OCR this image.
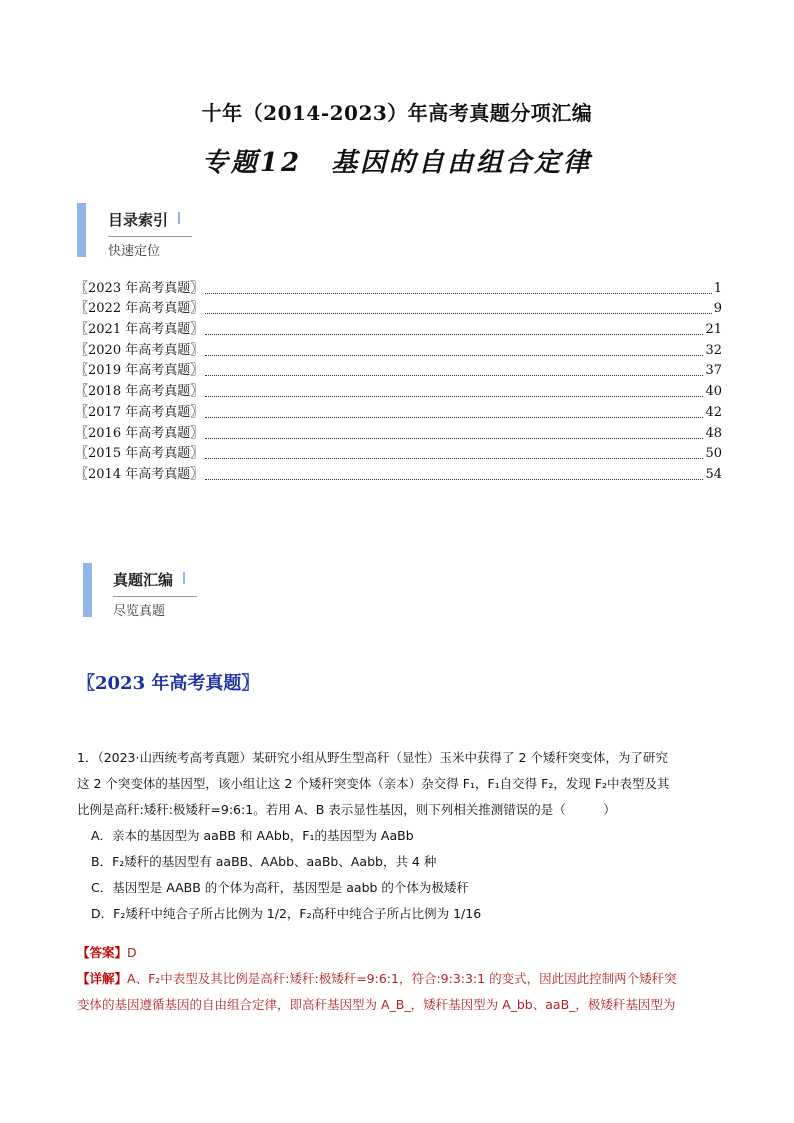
十年（2014-2023）年高考真题分项汇编
专题12　基因的自由组合定律
目录索引
快速定位
〖2023 年高考真题〗	1
〖2022 年高考真题〗	9
〖2021 年高考真题〗	21
〖2020 年高考真题〗	32
〖2019 年高考真题〗	37
〖2018 年高考真题〗	40
〖2017 年高考真题〗	42
〖2016 年高考真题〗	48
〖2015 年高考真题〗	50
〖2014 年高考真题〗	54
真题汇编
尽览真题
〖2023 年高考真题〗
1．（2023·山西统考高考真题）某研究小组从野生型高秆（显性）玉米中获得了 2 个矮秆突变体，为了研究
这 2 个突变体的基因型，该小组让这 2 个矮秆突变体（亲本）杂交得 F₁，F₁自交得 F₂，发现 F₂中表型及其
比例是高秆:矮秆:极矮秆=9:6:1。若用 A、B 表示显性基因，则下列相关推测错误的是（　　　）
A．亲本的基因型为 aaBB 和 AAbb，F₁的基因型为 AaBb
B．F₂矮秆的基因型有 aaBB、AAbb、aaBb、Aabb，共 4 种
C．基因型是 AABB 的个体为高秆，基因型是 aabb 的个体为极矮秆
D．F₂矮秆中纯合子所占比例为 1/2，F₂高秆中纯合子所占比例为 1/16
【答案】D
【详解】A、F₂中表型及其比例是高秆:矮秆:极矮秆=9:6:1，符合:9:3:3:1 的变式，因此因此控制两个矮秆突
变体的基因遵循基因的自由组合定律，即高秆基因型为 A_B_，矮秆基因型为 A_bb、aaB_，极矮秆基因型为
